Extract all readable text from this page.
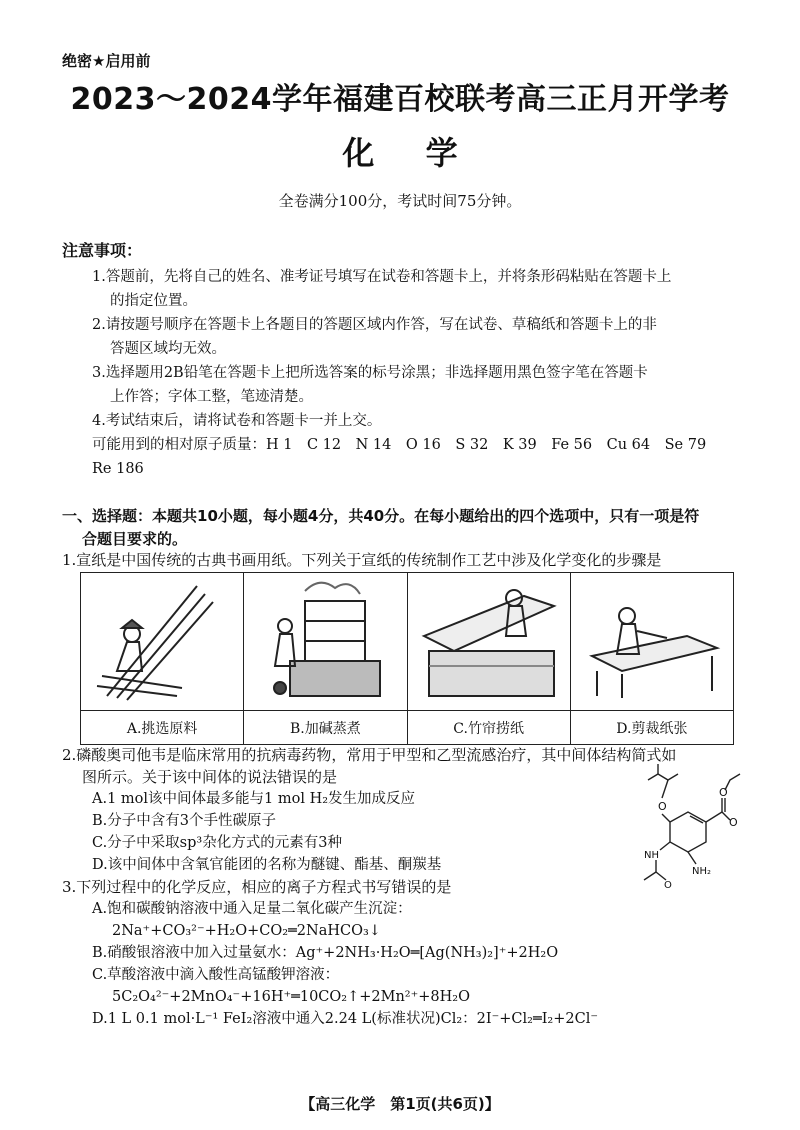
绝密★启用前
2023～2024学年福建百校联考高三正月开学考
化 学
全卷满分100分，考试时间75分钟。
注意事项：
1.答题前，先将自己的姓名、准考证号填写在试卷和答题卡上，并将条形码粘贴在答题卡上
的指定位置。
2.请按题号顺序在答题卡上各题目的答题区域内作答，写在试卷、草稿纸和答题卡上的非
答题区域均无效。
3.选择题用2B铅笔在答题卡上把所选答案的标号涂黑；非选择题用黑色签字笔在答题卡
上作答；字体工整，笔迹清楚。
4.考试结束后，请将试卷和答题卡一并上交。
可能用到的相对原子质量：H 1　C 12　N 14　O 16　S 32　K 39　Fe 56　Cu 64　Se 79
Re 186
一、选择题：本题共10小题，每小题4分，共40分。在每小题给出的四个选项中，只有一项是符
合题目要求的。
1.宣纸是中国传统的古典书画用纸。下列关于宣纸的传统制作工艺中涉及化学变化的步骤是

A.挑选原料	B.加碱蒸煮	C.竹帘捞纸	D.剪裁纸张
2.磷酸奥司他韦是临床常用的抗病毒药物，常用于甲型和乙型流感治疗，其中间体结构简式如
图所示。关于该中间体的说法错误的是
A.1 mol该中间体最多能与1 mol H₂发生加成反应
B.分子中含有3个手性碳原子
C.分子中采取sp³杂化方式的元素有3种
D.该中间体中含氧官能团的名称为醚键、酯基、酮羰基
O
O
O
NH
NH₂
O
3.下列过程中的化学反应，相应的离子方程式书写错误的是
A.饱和碳酸钠溶液中通入足量二氧化碳产生沉淀：
2Na⁺+CO₃²⁻+H₂O+CO₂═2NaHCO₃↓
B.硝酸银溶液中加入过量氨水：Ag⁺+2NH₃·H₂O═[Ag(NH₃)₂]⁺+2H₂O
C.草酸溶液中滴入酸性高锰酸钾溶液：
5C₂O₄²⁻+2MnO₄⁻+16H⁺═10CO₂↑+2Mn²⁺+8H₂O
D.1 L 0.1 mol·L⁻¹ FeI₂溶液中通入2.24 L(标准状况)Cl₂：2I⁻+Cl₂═I₂+2Cl⁻
【高三化学　第1页(共6页)】
